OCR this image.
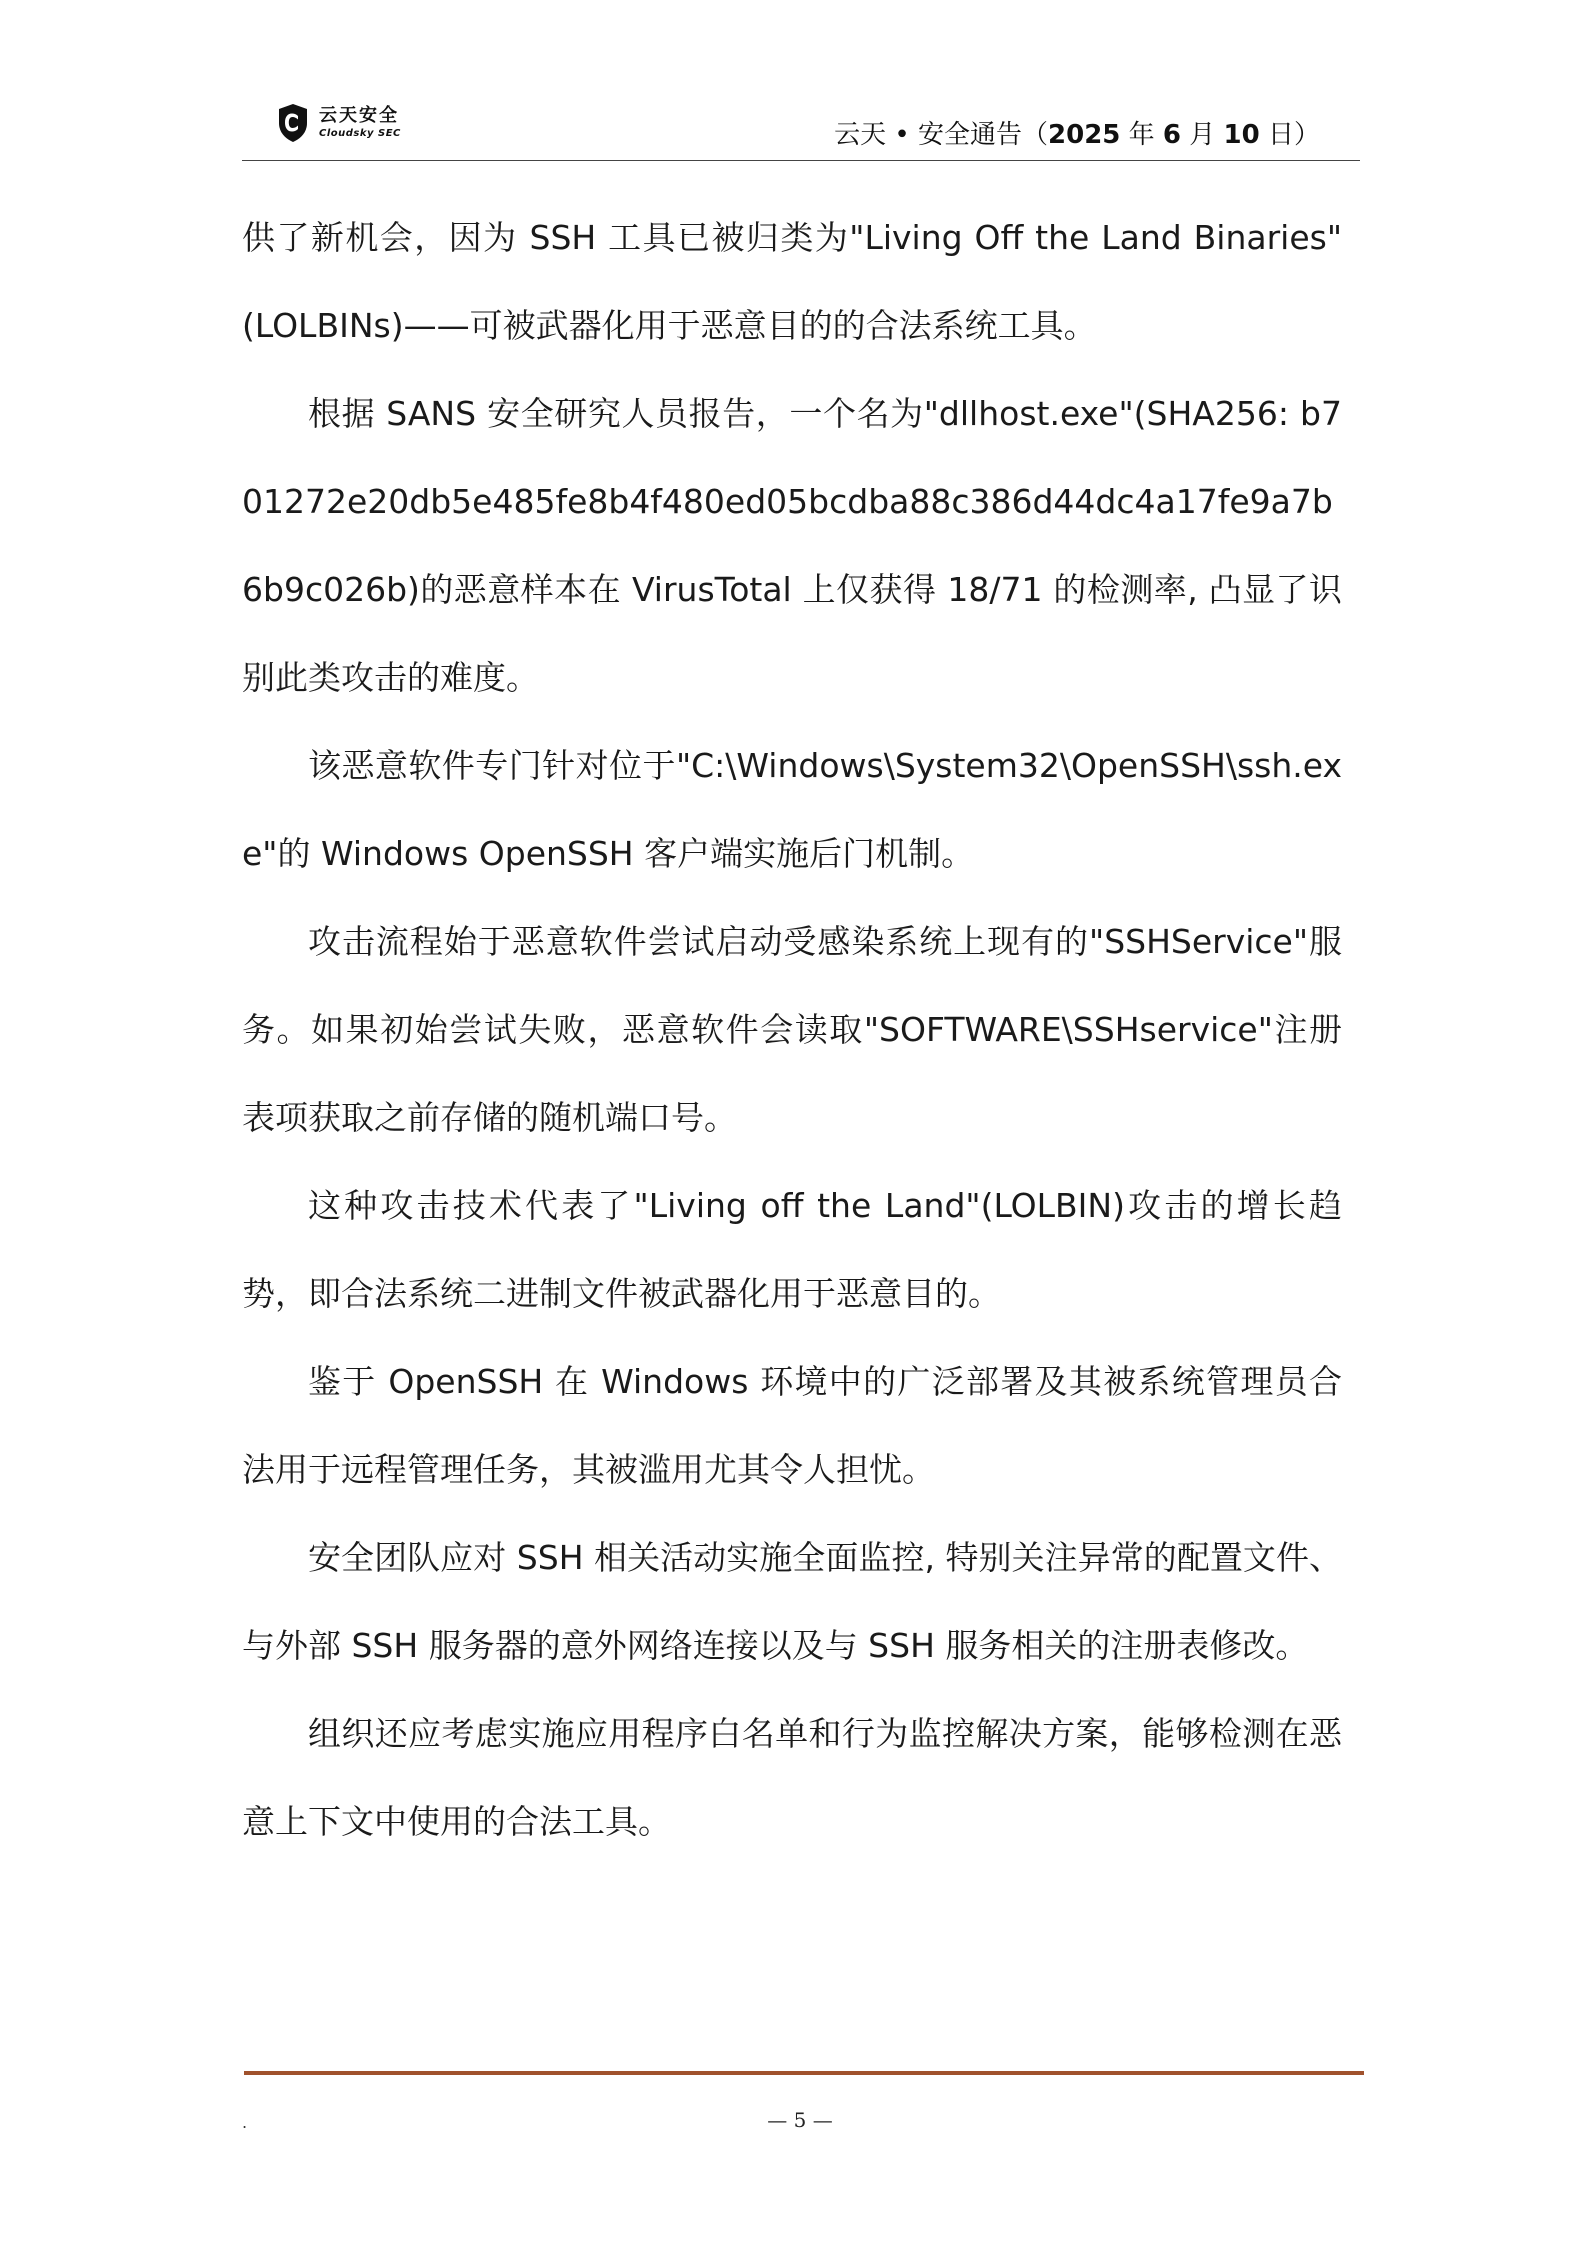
云天安全
Cloudsky SEC	云天 • 安全通告（2025 年 6 月 10 日）

供了新机会，因为 SSH 工具已被归类为"Living Off the Land Binaries"(LOLBINs)——可被武器化用于恶意目的的合法系统工具。

根据 SANS 安全研究人员报告，一个名为"dllhost.exe"(SHA256: b701272e20db5e485fe8b4f480ed05bcdba88c386d44dc4a17fe9a7b6b9c026b)的恶意样本在 VirusTotal 上仅获得 18/71 的检测率, 凸显了识别此类攻击的难度。

该恶意软件专门针对位于"C:\Windows\System32\OpenSSH\ssh.exe"的 Windows OpenSSH 客户端实施后门机制。

攻击流程始于恶意软件尝试启动受感染系统上现有的"SSHService"服务。如果初始尝试失败，恶意软件会读取"SOFTWARE\SSHservice"注册表项获取之前存储的随机端口号。

这种攻击技术代表了"Living off the Land"(LOLBIN)攻击的增长趋势，即合法系统二进制文件被武器化用于恶意目的。

鉴于 OpenSSH 在 Windows 环境中的广泛部署及其被系统管理员合法用于远程管理任务，其被滥用尤其令人担忧。

安全团队应对 SSH 相关活动实施全面监控, 特别关注异常的配置文件、与外部 SSH 服务器的意外网络连接以及与 SSH 服务相关的注册表修改。

组织还应考虑实施应用程序白名单和行为监控解决方案，能够检测在恶意上下文中使用的合法工具。

.	— 5 —
